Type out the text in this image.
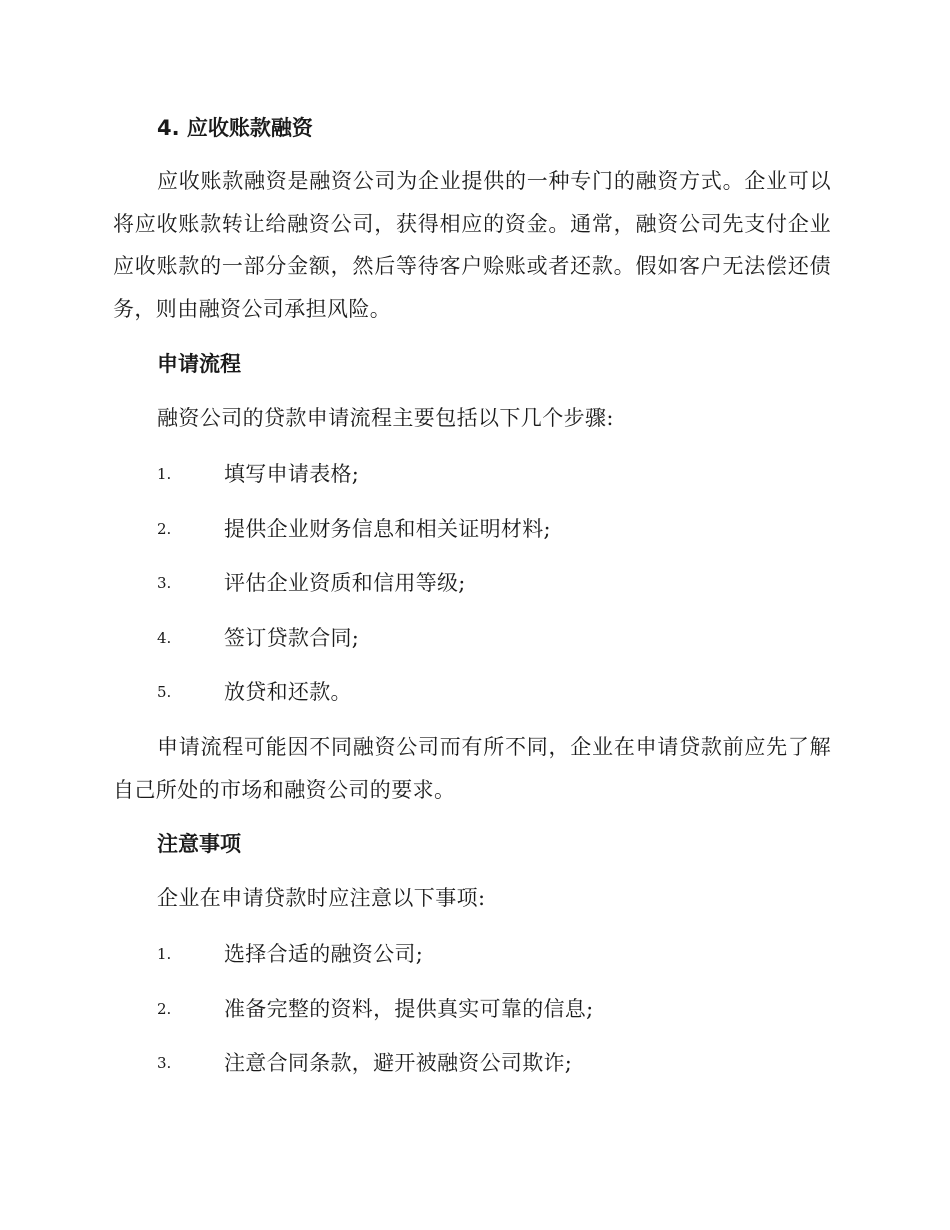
4. 应收账款融资
应收账款融资是融资公司为企业提供的一种专门的融资方式。企业可以将应收账款转让给融资公司，获得相应的资金。通常，融资公司先支付企业应收账款的一部分金额，然后等待客户赊账或者还款。假如客户无法偿还债务，则由融资公司承担风险。
申请流程
融资公司的贷款申请流程主要包括以下几个步骤:
1.	填写申请表格;
2.	提供企业财务信息和相关证明材料;
3.	评估企业资质和信用等级;
4.	签订贷款合同;
5.	放贷和还款。
申请流程可能因不同融资公司而有所不同，企业在申请贷款前应先了解自己所处的市场和融资公司的要求。
注意事项
企业在申请贷款时应注意以下事项:
1.	选择合适的融资公司;
2.	准备完整的资料，提供真实可靠的信息;
3.	注意合同条款，避开被融资公司欺诈;
